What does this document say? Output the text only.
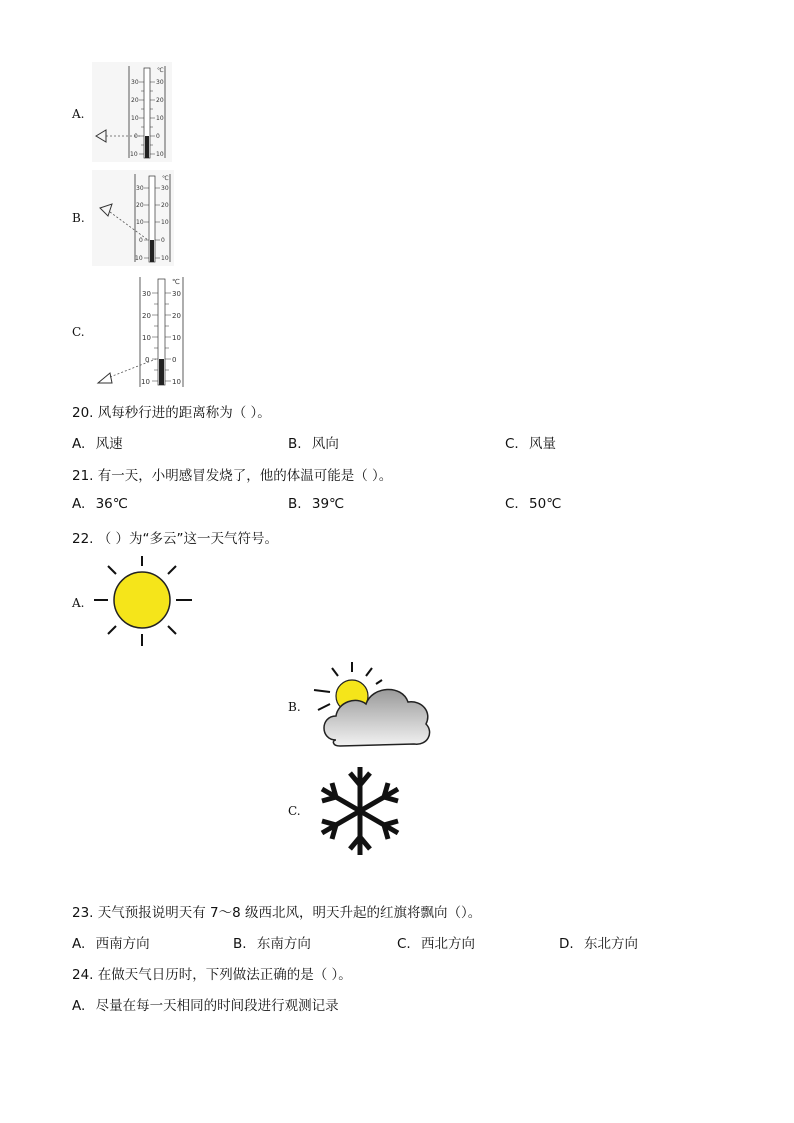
A.
℃
30	30
20	20
10	10
0	0
10	10
B.
℃
30	30
20	20
10	10
0	0
10	10
C.
℃
30	30
20	20
10	10
0	0
10	10
20. 风每秒行进的距离称为（ ）。
A. 风速	B. 风向	C. 风量
21. 有一天，小明感冒发烧了，他的体温可能是（ ）。
A. 36℃	B. 39℃	C. 50℃
22. （ ）为“多云”这一天气符号。
A.
B.
C.
23. 天气预报说明天有 7～8 级西北风，明天升起的红旗将飘向（）。
A. 西南方向	B. 东南方向	C. 西北方向	D. 东北方向
24. 在做天气日历时，下列做法正确的是（ ）。
A. 尽量在每一天相同的时间段进行观测记录
